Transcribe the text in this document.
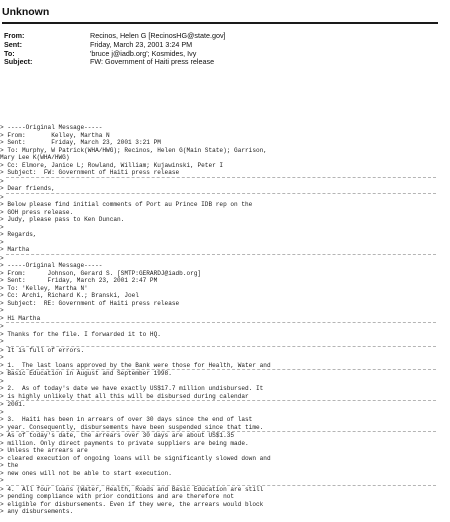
Unknown
From:	Recinos, Helen G [RecinosHG@state.gov]
Sent:	Friday, March 23, 2001 3:24 PM
To:	'bruce j@iadb.org'; Kosmides, Ivy
Subject:	FW: Government of Haiti press release
> -----Original Message-----
> From:       Kelley, Martha N
> Sent:       Friday, March 23, 2001 3:21 PM
> To: Murphy, W Patrick(WHA/HWG); Recinos, Helen G(Main State); Garrison,
Mary Lee K(WHA/HWG)
> Cc: Elmore, Janice L; Rowland, William; Kujawinski, Peter I
> Subject:  FW: Government of Haiti press release
>
> Dear friends,
>
> Below please find initial comments of Port au Prince IDB rep on the
> GOH press release.
> Judy, please pass to Ken Duncan.
>
> Regards,
>
> Martha
>
> -----Original Message-----
> From:      Johnson, Gerard S. [SMTP:GERARDJ@iadb.org]
> Sent:      Friday, March 23, 2001 2:47 PM
> To: 'Kelley, Martha N'
> Cc: Archi, Richard K.; Branski, Joel
> Subject:  RE: Government of Haiti press release
>
> Hi Martha
>
> Thanks for the file. I forwarded it to HQ.
>
> It is full of errors.
>
> 1.  The last loans approved by the Bank were those for Health, Water and
> Basic Education in August and September 1998.
>
> 2.  As of today's date we have exactly US$17.7 million undisbursed. It
> is highly unlikely that all this will be disbursed during calendar
> 2001.
>
> 3.  Haiti has been in arrears of over 30 days since the end of last
> year. Consequently, disbursements have been suspended since that time.
> As of today's date, the arrears over 30 days are about US$1.35
> million. Only direct payments to private suppliers are being made.
> Unless the arrears are
> cleared execution of ongoing loans will be significantly slowed down and
> the
> new ones will not be able to start execution.
>
> 4.  All four loans (Water, Health, Roads and Basic Education are still
> pending compliance with prior conditions and are therefore not
> eligible for disbursements. Even if they were, the arrears would block
> any disbursements.
